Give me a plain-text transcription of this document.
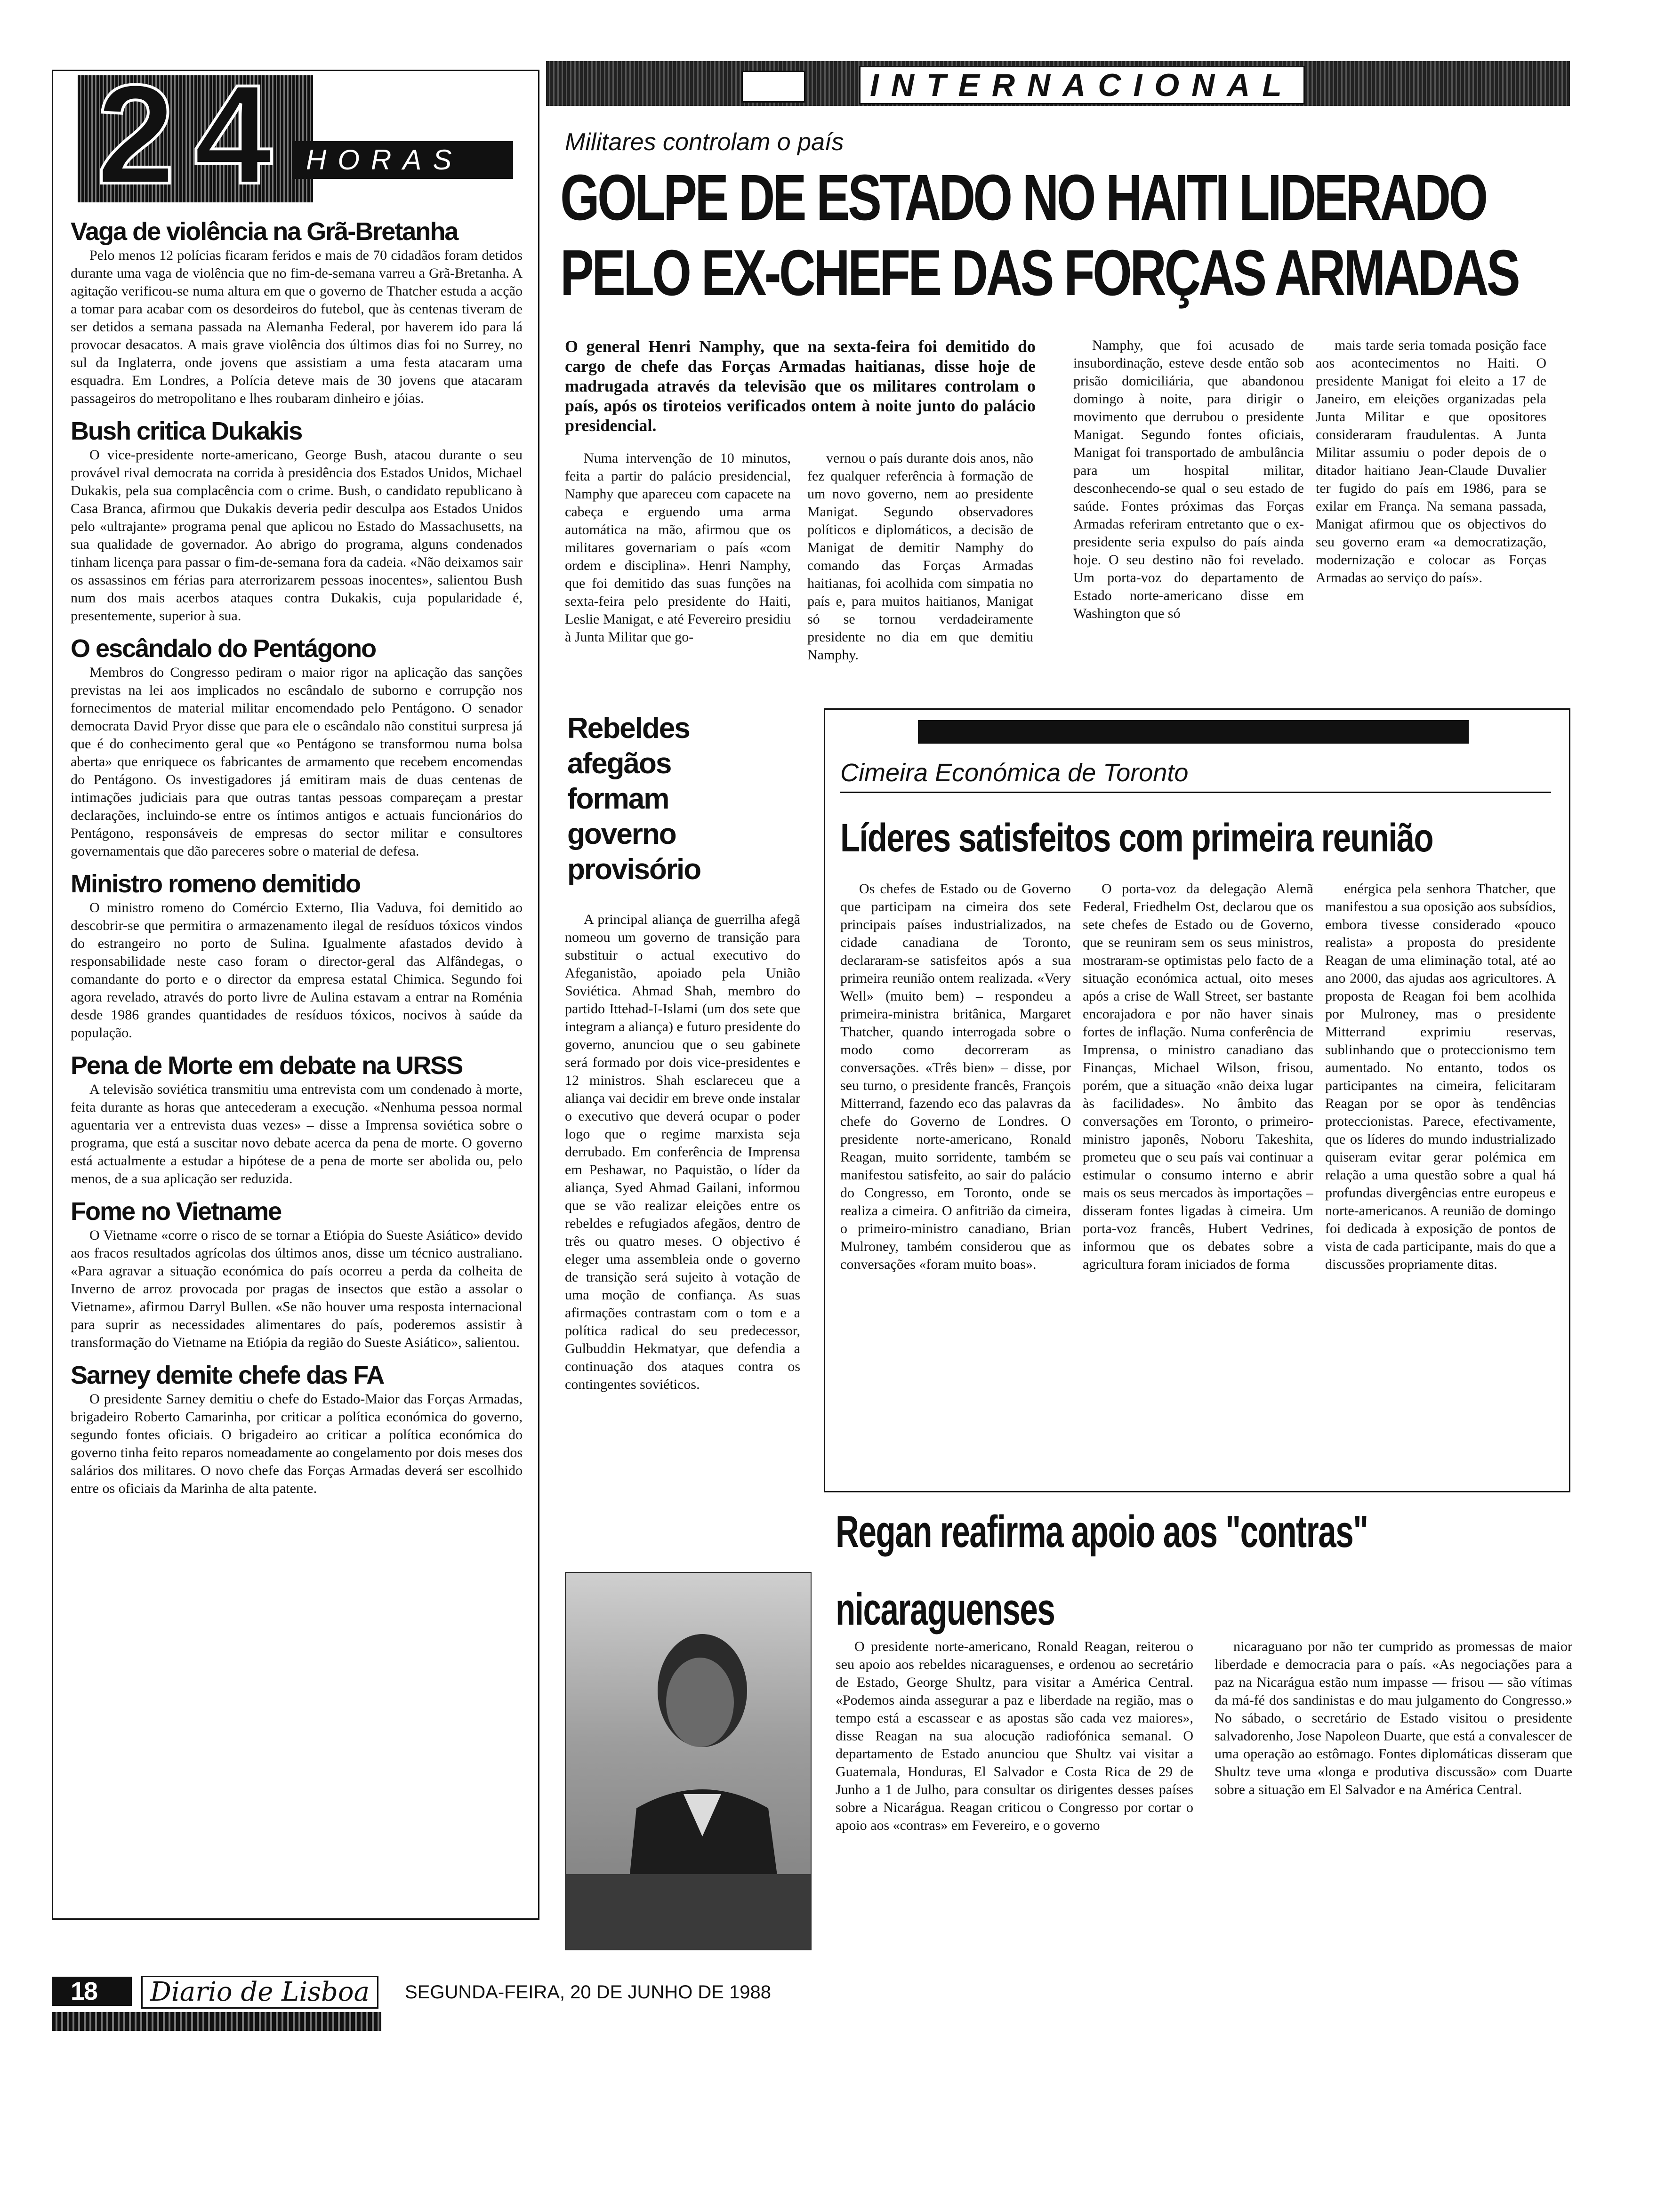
INTERNACIONAL
24 HORAS
Vaga de violência na Grã-Bretanha

Pelo menos 12 polícias ficaram feridos e mais de 70 cidadãos foram detidos durante uma vaga de violência que no fim-de-semana varreu a Grã-Bretanha. A agitação verificou-se numa altura em que o governo de Thatcher estuda a acção a tomar para acabar com os desordeiros do futebol, que às centenas tiveram de ser detidos a semana passada na Alemanha Federal, por haverem ido para lá provocar desacatos. A mais grave violência dos últimos dias foi no Surrey, no sul da Inglaterra, onde jovens que assistiam a uma festa atacaram uma esquadra. Em Londres, a Polícia deteve mais de 30 jovens que atacaram passageiros do metropolitano e lhes roubaram dinheiro e jóias.

Bush critica Dukakis

O vice-presidente norte-americano, George Bush, atacou durante o seu provável rival democrata na corrida à presidência dos Estados Unidos, Michael Dukakis, pela sua complacência com o crime. Bush, o candidato republicano à Casa Branca, afirmou que Dukakis deveria pedir desculpa aos Estados Unidos pelo «ultrajante» programa penal que aplicou no Estado do Massachusetts, na sua qualidade de governador. Ao abrigo do programa, alguns condenados tinham licença para passar o fim-de-semana fora da cadeia. «Não deixamos sair os assassinos em férias para aterrorizarem pessoas inocentes», salientou Bush num dos mais acerbos ataques contra Dukakis, cuja popularidade é, presentemente, superior à sua.

O escândalo do Pentágono

Membros do Congresso pediram o maior rigor na aplicação das sanções previstas na lei aos implicados no escândalo de suborno e corrupção nos fornecimentos de material militar encomendado pelo Pentágono. O senador democrata David Pryor disse que para ele o escândalo não constitui surpresa já que é do conhecimento geral que «o Pentágono se transformou numa bolsa aberta» que enriquece os fabricantes de armamento que recebem encomendas do Pentágono. Os investigadores já emitiram mais de duas centenas de intimações judiciais para que outras tantas pessoas compareçam a prestar declarações, incluindo-se entre os íntimos antigos e actuais funcionários do Pentágono, responsáveis de empresas do sector militar e consultores governamentais que dão pareceres sobre o material de defesa.

Ministro romeno demitido

O ministro romeno do Comércio Externo, Ilia Vaduva, foi demitido ao descobrir-se que permitira o armazenamento ilegal de resíduos tóxicos vindos do estrangeiro no porto de Sulina. Igualmente afastados devido à responsabilidade neste caso foram o director-geral das Alfândegas, o comandante do porto e o director da empresa estatal Chimica. Segundo foi agora revelado, através do porto livre de Aulina estavam a entrar na Roménia desde 1986 grandes quantidades de resíduos tóxicos, nocivos à saúde da população.

Pena de Morte em debate na URSS

A televisão soviética transmitiu uma entrevista com um condenado à morte, feita durante as horas que antecederam a execução. «Nenhuma pessoa normal aguentaria ver a entrevista duas vezes» – disse a Imprensa soviética sobre o programa, que está a suscitar novo debate acerca da pena de morte. O governo está actualmente a estudar a hipótese de a pena de morte ser abolida ou, pelo menos, de a sua aplicação ser reduzida.

Fome no Vietname

O Vietname «corre o risco de se tornar a Etiópia do Sueste Asiático» devido aos fracos resultados agrícolas dos últimos anos, disse um técnico australiano. «Para agravar a situação económica do país ocorreu a perda da colheita de Inverno de arroz provocada por pragas de insectos que estão a assolar o Vietname», afirmou Darryl Bullen. «Se não houver uma resposta internacional para suprir as necessidades alimentares do país, poderemos assistir à transformação do Vietname na Etiópia da região do Sueste Asiático», salientou.

Sarney demite chefe das FA

O presidente Sarney demitiu o chefe do Estado-Maior das Forças Armadas, brigadeiro Roberto Camarinha, por criticar a política económica do governo, segundo fontes oficiais. O brigadeiro ao criticar a política económica do governo tinha feito reparos nomeadamente ao congelamento por dois meses dos salários dos militares. O novo chefe das Forças Armadas deverá ser escolhido entre os oficiais da Marinha de alta patente.

Militares controlam o país
GOLPE DE ESTADO NO HAITI LIDERADO
PELO EX-CHEFE DAS FORÇAS ARMADAS
O general Henri Namphy, que na sexta-feira foi demitido do cargo de chefe das Forças Armadas haitianas, disse hoje de madrugada através da televisão que os militares controlam o país, após os tiroteios verificados ontem à noite junto do palácio presidencial.

Numa intervenção de 10 minutos, feita a partir do palácio presidencial, Namphy que apareceu com capacete na cabeça e erguendo uma arma automática na mão, afirmou que os militares governariam o país «com ordem e disciplina». Henri Namphy, que foi demitido das suas funções na sexta-feira pelo presidente do Haiti, Leslie Manigat, e até Fevereiro presidiu à Junta Militar que go-

vernou o país durante dois anos, não fez qualquer referência à formação de um novo governo, nem ao presidente Manigat. Segundo observadores políticos e diplomáticos, a decisão de Manigat de demitir Namphy do comando das Forças Armadas haitianas, foi acolhida com simpatia no país e, para muitos haitianos, Manigat só se tornou verdadeiramente presidente no dia em que demitiu Namphy.

Namphy, que foi acusado de insubordinação, esteve desde então sob prisão domiciliária, que abandonou domingo à noite, para dirigir o movimento que derrubou o presidente Manigat. Segundo fontes oficiais, Manigat foi transportado de ambulância para um hospital militar, desconhecendo-se qual o seu estado de saúde. Fontes próximas das Forças Armadas referiram entretanto que o ex-presidente seria expulso do país ainda hoje. O seu destino não foi revelado. Um porta-voz do departamento de Estado norte-americano disse em Washington que só

mais tarde seria tomada posição face aos acontecimentos no Haiti. O presidente Manigat foi eleito a 17 de Janeiro, em eleições organizadas pela Junta Militar e que opositores consideraram fraudulentas. A Junta Militar assumiu o poder depois de o ditador haitiano Jean-Claude Duvalier ter fugido do país em 1986, para se exilar em França. Na semana passada, Manigat afirmou que os objectivos do seu governo eram «a democratização, modernização e colocar as Forças Armadas ao serviço do país».

Rebeldes afegãos formam governo provisório

A principal aliança de guerrilha afegã nomeou um governo de transição para substituir o actual executivo do Afeganistão, apoiado pela União Soviética. Ahmad Shah, membro do partido Ittehad-I-Islami (um dos sete que integram a aliança) e futuro presidente do governo, anunciou que o seu gabinete será formado por dois vice-presidentes e 12 ministros. Shah esclareceu que a aliança vai decidir em breve onde instalar o executivo que deverá ocupar o poder logo que o regime marxista seja derrubado. Em conferência de Imprensa em Peshawar, no Paquistão, o líder da aliança, Syed Ahmad Gailani, informou que se vão realizar eleições entre os rebeldes e refugiados afegãos, dentro de três ou quatro meses. O objectivo é eleger uma assembleia onde o governo de transição será sujeito à votação de uma moção de confiança. As suas afirmações contrastam com o tom e a política radical do seu predecessor, Gulbuddin Hekmatyar, que defendia a continuação dos ataques contra os contingentes soviéticos.

Cimeira Económica de Toronto
Líderes satisfeitos com primeira reunião

Os chefes de Estado ou de Governo que participam na cimeira dos sete principais países industrializados, na cidade canadiana de Toronto, declararam-se satisfeitos após a sua primeira reunião ontem realizada. «Very Well» (muito bem) – respondeu a primeira-ministra britânica, Margaret Thatcher, quando interrogada sobre o modo como decorreram as conversações. «Três bien» – disse, por seu turno, o presidente francês, François Mitterrand, fazendo eco das palavras da chefe do Governo de Londres. O presidente norte-americano, Ronald Reagan, muito sorridente, também se manifestou satisfeito, ao sair do palácio do Congresso, em Toronto, onde se realiza a cimeira. O anfitrião da cimeira, o primeiro-ministro canadiano, Brian Mulroney, também considerou que as conversações «foram muito boas».

O porta-voz da delegação Alemã Federal, Friedhelm Ost, declarou que os sete chefes de Estado ou de Governo, que se reuniram sem os seus ministros, mostraram-se optimistas pelo facto de a situação económica actual, oito meses após a crise de Wall Street, ser bastante encorajadora e por não haver sinais fortes de inflação. Numa conferência de Imprensa, o ministro canadiano das Finanças, Michael Wilson, frisou, porém, que a situação «não deixa lugar às facilidades». No âmbito das conversações em Toronto, o primeiro-ministro japonês, Noboru Takeshita, prometeu que o seu país vai continuar a estimular o consumo interno e abrir mais os seus mercados às importações – disseram fontes ligadas à cimeira. Um porta-voz francês, Hubert Vedrines, informou que os debates sobre a agricultura foram iniciados de forma

enérgica pela senhora Thatcher, que manifestou a sua oposição aos subsídios, embora tivesse considerado «pouco realista» a proposta do presidente Reagan de uma eliminação total, até ao ano 2000, das ajudas aos agricultores. A proposta de Reagan foi bem acolhida por Mulroney, mas o presidente Mitterrand exprimiu reservas, sublinhando que o proteccionismo tem aumentado. No entanto, todos os participantes na cimeira, felicitaram Reagan por se opor às tendências proteccionistas. Parece, efectivamente, que os líderes do mundo industrializado quiseram evitar gerar polémica em relação a uma questão sobre a qual há profundas divergências entre europeus e norte-americanos. A reunião de domingo foi dedicada à exposição de pontos de vista de cada participante, mais do que a discussões propriamente ditas.

Regan reafirma apoio aos "contras"
nicaraguenses

O presidente norte-americano, Ronald Reagan, reiterou o seu apoio aos rebeldes nicaraguenses, e ordenou ao secretário de Estado, George Shultz, para visitar a América Central. «Podemos ainda assegurar a paz e liberdade na região, mas o tempo está a escassear e as apostas são cada vez maiores», disse Reagan na sua alocução radiofónica semanal. O departamento de Estado anunciou que Shultz vai visitar a Guatemala, Honduras, El Salvador e Costa Rica de 29 de Junho a 1 de Julho, para consultar os dirigentes desses países sobre a Nicarágua. Reagan criticou o Congresso por cortar o apoio aos «contras» em Fevereiro, e o governo

nicaraguano por não ter cumprido as promessas de maior liberdade e democracia para o país. «As negociações para a paz na Nicarágua estão num impasse — frisou — são vítimas da má-fé dos sandinistas e do mau julgamento do Congresso.» No sábado, o secretário de Estado visitou o presidente salvadorenho, Jose Napoleon Duarte, que está a convalescer de uma operação ao estômago. Fontes diplomáticas disseram que Shultz teve uma «longa e produtiva discussão» com Duarte sobre a situação em El Salvador e na América Central.

18	Diario de Lisboa	SEGUNDA-FEIRA, 20 DE JUNHO DE 1988
